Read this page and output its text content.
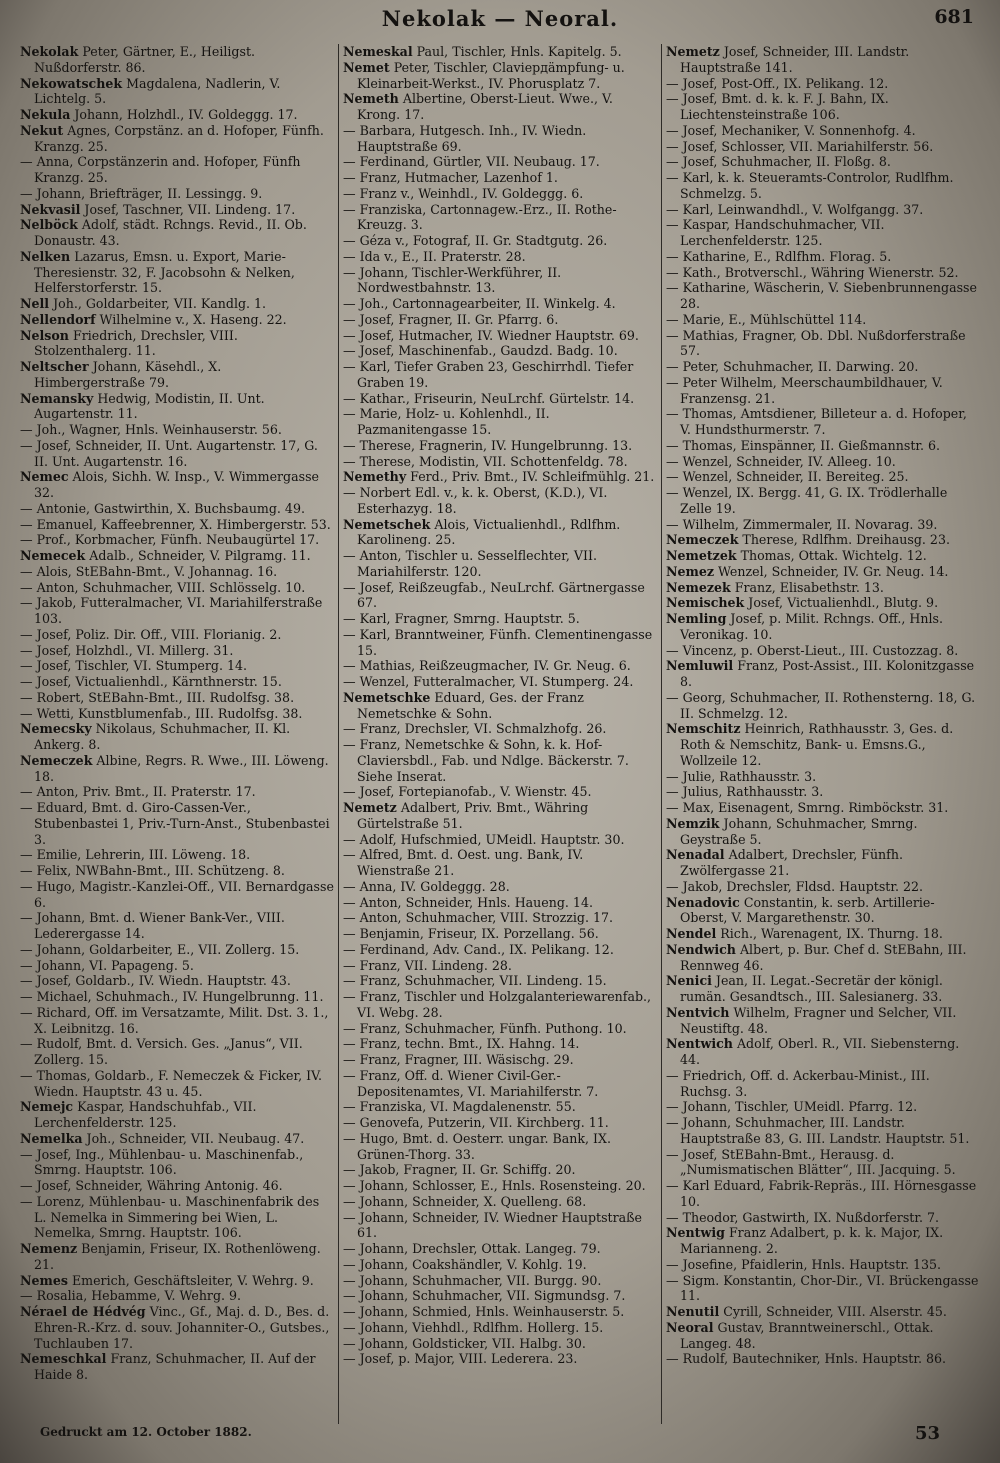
Nekolak — Neoral.	681
Nekolak Peter, Gärtner, E., Heiligst. Nußdorferstr. 86.
Nekowatschek Magdalena, Nadlerin, V. Lichtelg. 5.
Nekula Johann, Holzhdl., IV. Goldeggg. 17.
Nekut Agnes, Corpstänz. an d. Hofoper, Fünfh. Kranzg. 25.
— Anna, Corpstänzerin and. Hofoper, Fünfh Kranzg. 25.
— Johann, Briefträger, II. Lessingg. 9.
Nekvasil Josef, Taschner, VII. Lindeng. 17.
Nelböck Adolf, städt. Rchngs. Revid., II. Ob. Donaustr. 43.
Nelken Lazarus, Emsn. u. Export, Marie-Theresienstr. 32, F. Jacobsohn & Nelken, Helferstorferstr. 15.
Nell Joh., Goldarbeiter, VII. Kandlg. 1.
Nellendorf Wilhelmine v., X. Haseng. 22.
Nelson Friedrich, Drechsler, VIII. Stolzenthalerg. 11.
Neltscher Johann, Käsehdl., X. Himbergerstraße 79.
Nemansky Hedwig, Modistin, II. Unt. Augartenstr. 11.
— Joh., Wagner, Hnls. Weinhauserstr. 56.
— Josef, Schneider, II. Unt. Augartenstr. 17, G. II. Unt. Augartenstr. 16.
Nemec Alois, Sichh. W. Insp., V. Wimmergasse 32.
— Antonie, Gastwirthin, X. Buchsbaumg. 49.
— Emanuel, Kaffeebrenner, X. Himbergerstr. 53.
— Prof., Korbmacher, Fünfh. Neubaugürtel 17.
Nemecek Adalb., Schneider, V. Pilgramg. 11.
— Alois, StEBahn-Bmt., V. Johannag. 16.
— Anton, Schuhmacher, VIII. Schlösselg. 10.
— Jakob, Futteralmacher, VI. Mariahilferstraße 103.
— Josef, Poliz. Dir. Off., VIII. Florianig. 2.
— Josef, Holzhdl., VI. Millerg. 31.
— Josef, Tischler, VI. Stumperg. 14.
— Josef, Victualienhdl., Kärnthnerstr. 15.
— Robert, StEBahn-Bmt., III. Rudolfsg. 38.
— Wetti, Kunstblumenfab., III. Rudolfsg. 38.
Nemecsky Nikolaus, Schuhmacher, II. Kl. Ankerg. 8.
Nemeczek Albine, Regrs. R. Wwe., III. Löweng. 18.
— Anton, Priv. Bmt., II. Praterstr. 17.
— Eduard, Bmt. d. Giro-Cassen-Ver., Stubenbastei 1, Priv.-Turn-Anst., Stubenbastei 3.
— Emilie, Lehrerin, III. Löweng. 18.
— Felix, NWBahn-Bmt., III. Schützeng. 8.
— Hugo, Magistr.-Kanzlei-Off., VII. Bernardgasse 6.
— Johann, Bmt. d. Wiener Bank-Ver., VIII. Lederergasse 14.
— Johann, Goldarbeiter, E., VII. Zollerg. 15.
— Johann, VI. Papageng. 5.
— Josef, Goldarb., IV. Wiedn. Hauptstr. 43.
— Michael, Schuhmach., IV. Hungelbrunng. 11.
— Richard, Off. im Versatzamte, Milit. Dst. 3. 1., X. Leibnitzg. 16.
— Rudolf, Bmt. d. Versich. Ges. „Janus“, VII. Zollerg. 15.
— Thomas, Goldarb., F. Nemeczek & Ficker, IV. Wiedn. Hauptstr. 43 u. 45.
Nemejc Kaspar, Handschuhfab., VII. Lerchenfelderstr. 125.
Nemelka Joh., Schneider, VII. Neubaug. 47.
— Josef, Ing., Mühlenbau- u. Maschinenfab., Smrng. Hauptstr. 106.
— Josef, Schneider, Währing Antonig. 46.
— Lorenz, Mühlenbau- u. Maschinenfabrik des L. Nemelka in Simmering bei Wien, L. Nemelka, Smrng. Hauptstr. 106.
Nemenz Benjamin, Friseur, IX. Rothenlöweng. 21.
Nemes Emerich, Geschäftsleiter, V. Wehrg. 9.
— Rosalia, Hebamme, V. Wehrg. 9.
Nérael de Hédvég Vinc., Gf., Maj. d. D., Bes. d. Ehren-R.-Krz. d. souv. Johanniter-O., Gutsbes., Tuchlauben 17.
Nemeschkal Franz, Schuhmacher, II. Auf der Haide 8.
Nemeskal Paul, Tischler, Hnls. Kapitelg. 5.
Nemet Peter, Tischler, Claviердämpfung- u. Kleinarbeit-Werkst., IV. Phorusplatz 7.
Nemeth Albertine, Oberst-Lieut. Wwe., V. Krong. 17.
— Barbara, Hutgesch. Inh., IV. Wiedn. Hauptstraße 69.
— Ferdinand, Gürtler, VII. Neubaug. 17.
— Franz, Hutmacher, Lazenhof 1.
— Franz v., Weinhdl., IV. Goldeggg. 6.
— Franziska, Cartonnagew.-Erz., II. Rothe-Kreuzg. 3.
— Géza v., Fotograf, II. Gr. Stadtgutg. 26.
— Ida v., E., II. Praterstr. 28.
— Johann, Tischler-Werkführer, II. Nordwestbahnstr. 13.
— Joh., Cartonnagearbeiter, II. Winkelg. 4.
— Josef, Fragner, II. Gr. Pfarrg. 6.
— Josef, Hutmacher, IV. Wiedner Hauptstr. 69.
— Josef, Maschinenfab., Gaudzd. Badg. 10.
— Karl, Tiefer Graben 23, Geschirrhdl. Tiefer Graben 19.
— Kathar., Friseurin, NeuLrchf. Gürtelstr. 14.
— Marie, Holz- u. Kohlenhdl., II. Pazmanitengasse 15.
— Therese, Fragnerin, IV. Hungelbrunng. 13.
— Therese, Modistin, VII. Schottenfeldg. 78.
Nemethy Ferd., Priv. Bmt., IV. Schleifmühlg. 21.
— Norbert Edl. v., k. k. Oberst, (K.D.), VI. Esterhazyg. 18.
Nemetschek Alois, Victualienhdl., Rdlfhm. Karolineng. 25.
— Anton, Tischler u. Sesselflechter, VII. Mariahilferstr. 120.
— Josef, Reißzeugfab., NeuLrchf. Gärtnergasse 67.
— Karl, Fragner, Smrng. Hauptstr. 5.
— Karl, Branntweiner, Fünfh. Clementinengasse 15.
— Mathias, Reißzeugmacher, IV. Gr. Neug. 6.
— Wenzel, Futteralmacher, VI. Stumperg. 24.
Nemetschke Eduard, Ges. der Franz Nemetschke & Sohn.
— Franz, Drechsler, VI. Schmalzhofg. 26.
— Franz, Nemetschke & Sohn, k. k. Hof-Claviersbdl., Fab. und Ndlge. Bäckerstr. 7. Siehe Inserat.
— Josef, Fortepianofab., V. Wienstr. 45.
Nemetz Adalbert, Priv. Bmt., Währing Gürtelstraße 51.
— Adolf, Hufschmied, UMeidl. Hauptstr. 30.
— Alfred, Bmt. d. Oest. ung. Bank, IV. Wienstraße 21.
— Anna, IV. Goldeggg. 28.
— Anton, Schneider, Hnls. Haueng. 14.
— Anton, Schuhmacher, VIII. Strozzig. 17.
— Benjamin, Friseur, IX. Porzellang. 56.
— Ferdinand, Adv. Cand., IX. Pelikang. 12.
— Franz, VII. Lindeng. 28.
— Franz, Schuhmacher, VII. Lindeng. 15.
— Franz, Tischler und Holzgalanteriewarenfab., VI. Webg. 28.
— Franz, Schuhmacher, Fünfh. Puthong. 10.
— Franz, techn. Bmt., IX. Hahng. 14.
— Franz, Fragner, III. Wäsischg. 29.
— Franz, Off. d. Wiener Civil-Ger.-Depositenamtes, VI. Mariahilferstr. 7.
— Franziska, VI. Magdalenenstr. 55.
— Genovefa, Putzerin, VII. Kirchberg. 11.
— Hugo, Bmt. d. Oesterr. ungar. Bank, IX. Grünen-Thorg. 33.
— Jakob, Fragner, II. Gr. Schiffg. 20.
— Johann, Schlosser, E., Hnls. Rosensteing. 20.
— Johann, Schneider, X. Quelleng. 68.
— Johann, Schneider, IV. Wiedner Hauptstraße 61.
— Johann, Drechsler, Ottak. Langeg. 79.
— Johann, Coakshändler, V. Kohlg. 19.
— Johann, Schuhmacher, VII. Burgg. 90.
— Johann, Schuhmacher, VII. Sigmundsg. 7.
— Johann, Schmied, Hnls. Weinhauserstr. 5.
— Johann, Viehhdl., Rdlfhm. Hollerg. 15.
— Johann, Goldsticker, VII. Halbg. 30.
— Josef, p. Major, VIII. Lederera. 23.
Nemetz Josef, Schneider, III. Landstr. Hauptstraße 141.
— Josef, Post-Off., IX. Pelikang. 12.
— Josef, Bmt. d. k. k. F. J. Bahn, IX. Liechtensteinstraße 106.
— Josef, Mechaniker, V. Sonnenhofg. 4.
— Josef, Schlosser, VII. Mariahilferstr. 56.
— Josef, Schuhmacher, II. Floßg. 8.
— Karl, k. k. Steueramts-Controlor, Rudlfhm. Schmelzg. 5.
— Karl, Leinwandhdl., V. Wolfgangg. 37.
— Kaspar, Handschuhmacher, VII. Lerchenfelderstr. 125.
— Katharine, E., Rdlfhm. Florag. 5.
— Kath., Brotverschl., Währing Wienerstr. 52.
— Katharine, Wäscherin, V. Siebenbrunnengasse 28.
— Marie, E., Mühlschüttel 114.
— Mathias, Fragner, Ob. Dbl. Nußdorferstraße 57.
— Peter, Schuhmacher, II. Darwing. 20.
— Peter Wilhelm, Meerschaumbildhauer, V. Franzensg. 21.
— Thomas, Amtsdiener, Billeteur a. d. Hofoper, V. Hundsthurmerstr. 7.
— Thomas, Einspänner, II. Gießmannstr. 6.
— Wenzel, Schneider, IV. Alleeg. 10.
— Wenzel, Schneider, II. Bereiteg. 25.
— Wenzel, IX. Bergg. 41, G. IX. Trödlerhalle Zelle 19.
— Wilhelm, Zimmermaler, II. Novarag. 39.
Nemeczek Therese, Rdlfhm. Dreihausg. 23.
Nemetzek Thomas, Ottak. Wichtelg. 12.
Nemez Wenzel, Schneider, IV. Gr. Neug. 14.
Nemezek Franz, Elisabethstr. 13.
Nemischek Josef, Victualienhdl., Blutg. 9.
Nemling Josef, p. Milit. Rchngs. Off., Hnls. Veronikag. 10.
— Vincenz, p. Oberst-Lieut., III. Custozzag. 8.
Nemluwil Franz, Post-Assist., III. Kolonitzgasse 8.
— Georg, Schuhmacher, II. Rothensterng. 18, G. II. Schmelzg. 12.
Nemschitz Heinrich, Rathhausstr. 3, Ges. d. Roth & Nemschitz, Bank- u. Emsns.G., Wollzeile 12.
— Julie, Rathhausstr. 3.
— Julius, Rathhausstr. 3.
— Max, Eisenagent, Smrng. Rimböckstr. 31.
Nemzik Johann, Schuhmacher, Smrng. Geystraße 5.
Nenadal Adalbert, Drechsler, Fünfh. Zwölfergasse 21.
— Jakob, Drechsler, Fldsd. Hauptstr. 22.
Nenadovic Constantin, k. serb. Artillerie-Oberst, V. Margarethenstr. 30.
Nendel Rich., Warenagent, IX. Thurng. 18.
Nendwich Albert, p. Bur. Chef d. StEBahn, III. Rennweg 46.
Nenici Jean, II. Legat.-Secretär der königl. rumän. Gesandtsch., III. Salesianerg. 33.
Nentvich Wilhelm, Fragner und Selcher, VII. Neustiftg. 48.
Nentwich Adolf, Oberl. R., VII. Siebensterng. 44.
— Friedrich, Off. d. Ackerbau-Minist., III. Ruchsg. 3.
— Johann, Tischler, UMeidl. Pfarrg. 12.
— Johann, Schuhmacher, III. Landstr. Hauptstraße 83, G. III. Landstr. Hauptstr. 51.
— Josef, StEBahn-Bmt., Herausg. d. „Numismatischen Blätter“, III. Jacquing. 5.
— Karl Eduard, Fabrik-Repräs., III. Hörnesgasse 10.
— Theodor, Gastwirth, IX. Nußdorferstr. 7.
Nentwig Franz Adalbert, p. k. k. Major, IX. Marianneng. 2.
— Josefine, Pfaidlerin, Hnls. Hauptstr. 135.
— Sigm. Konstantin, Chor-Dir., VI. Brückengasse 11.
Nenutil Cyrill, Schneider, VIII. Alserstr. 45.
Neoral Gustav, Branntweinerschl., Ottak. Langeg. 48.
— Rudolf, Bautechniker, Hnls. Hauptstr. 86.
Gedruckt am 12. October 1882.	53
